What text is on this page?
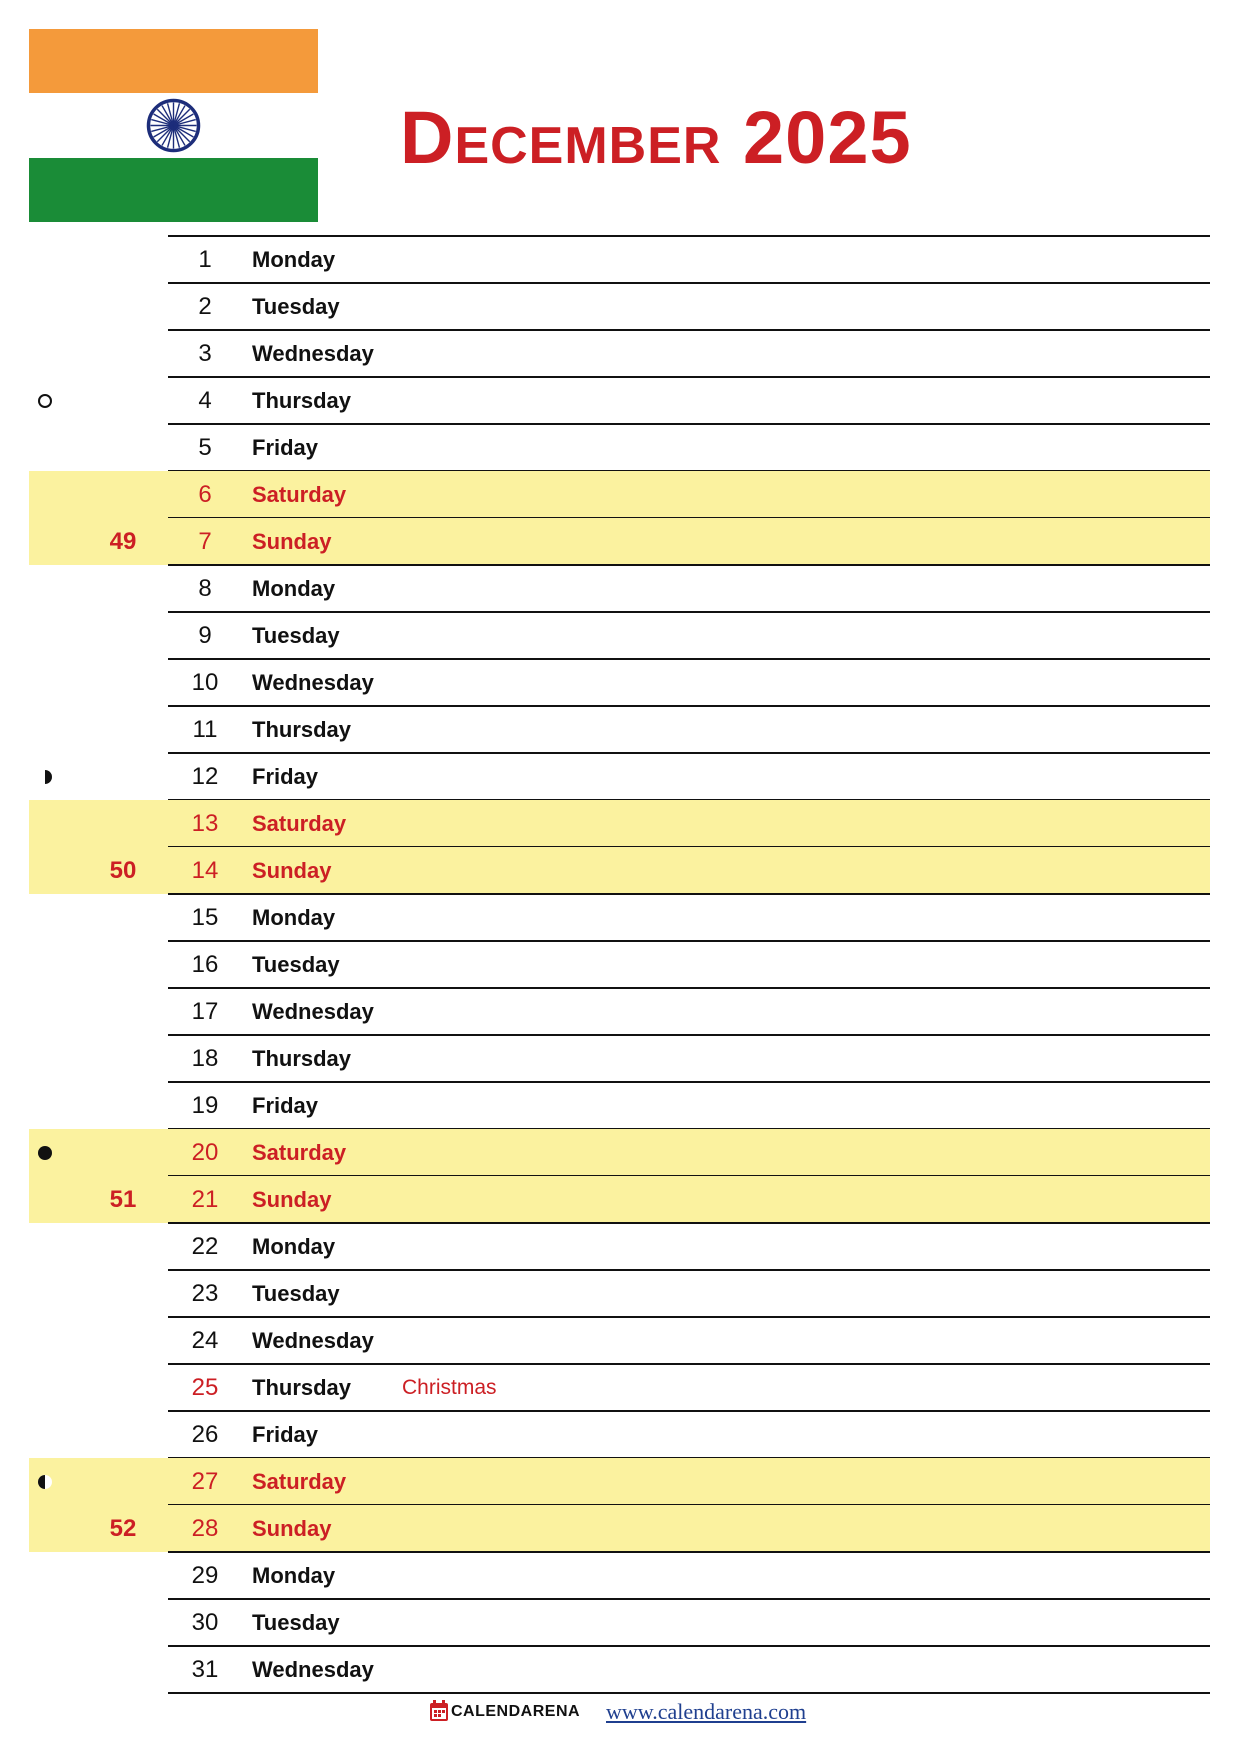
December 2025
1	Monday
2	Tuesday
3	Wednesday
4	Thursday
5	Friday
6	Saturday
49	7	Sunday
8	Monday
9	Tuesday
10	Wednesday
11	Thursday
12	Friday
13	Saturday
50	14	Sunday
15	Monday
16	Tuesday
17	Wednesday
18	Thursday
19	Friday
20	Saturday
51	21	Sunday
22	Monday
23	Tuesday
24	Wednesday
25	Thursday Christmas
26	Friday
27	Saturday
52	28	Sunday
29	Monday
30	Tuesday
31	Wednesday
CALENDARENA www.calendarena.com
